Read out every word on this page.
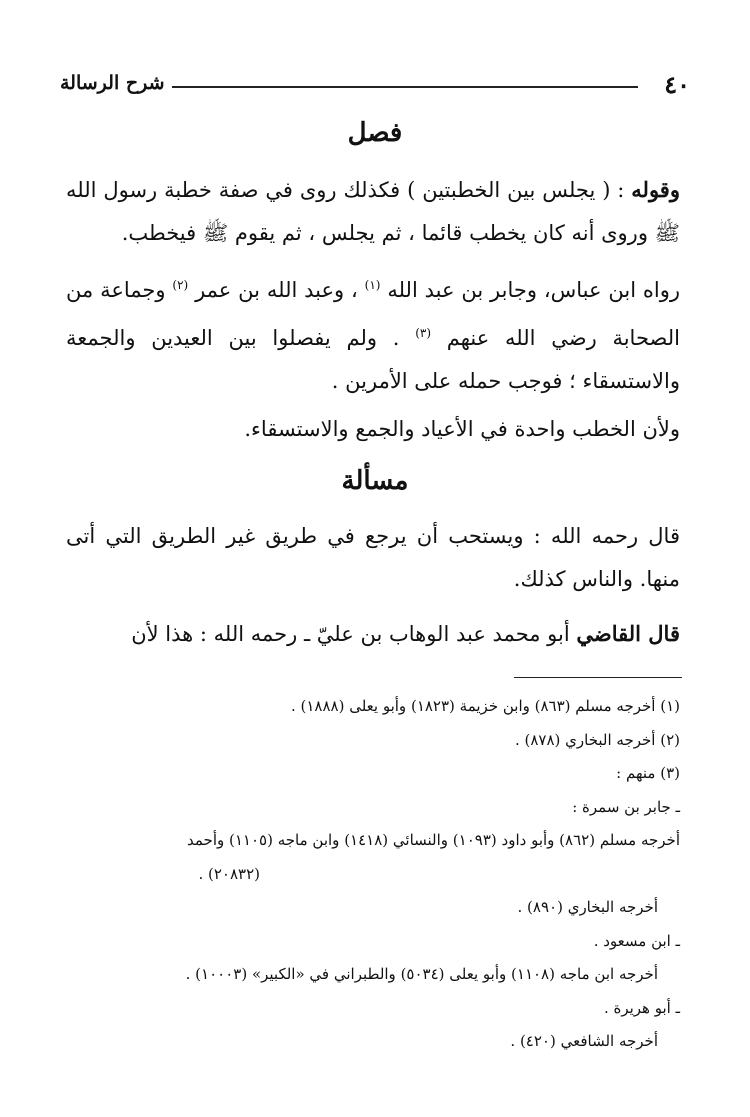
٤٠
شرح الرسالة
فصل

وقوله : ( يجلس بين الخطبتين ) فكذلك روى في صفة خطبة رسول الله ﷺ وروى أنه كان يخطب قائما ، ثم يجلس ، ثم يقوم ﷺ فيخطب.

رواه ابن عباس، وجابر بن عبد الله $^{(١)}$ ، وعبد الله بن عمر $^{(٢)}$ وجماعة من الصحابة رضي الله عنهم $^{(٣)}$ . ولم يفصلوا بين العيدين والجمعة والاستسقاء ؛ فوجب حمله على الأمرين .

ولأن الخطب واحدة في الأعياد والجمع والاستسقاء.

مسألة

قال رحمه الله : ويستحب أن يرجع في طريق غير الطريق التي أتى منها. والناس كذلك.

قال القاضي أبو محمد عبد الوهاب بن عليّ ـ رحمه الله : هذا لأن

(١) أخرجه مسلم (٨٦٣) وابن خزيمة (١٨٢٣) وأبو يعلى (١٨٨٨) .
(٢) أخرجه البخاري (٨٧٨) .
(٣) منهم :
ـ جابر بن سمرة :
أخرجه مسلم (٨٦٢) وأبو داود (١٠٩٣) والنسائي (١٤١٨) وابن ماجه (١١٠٥) وأحمد
(٢٠٨٣٢) .
أخرجه البخاري (٨٩٠) .
ـ ابن مسعود .
أخرجه ابن ماجه (١١٠٨) وأبو يعلى (٥٠٣٤) والطبراني في «الكبير» (١٠٠٠٣) .
ـ أبو هريرة .
أخرجه الشافعي (٤٢٠) .
